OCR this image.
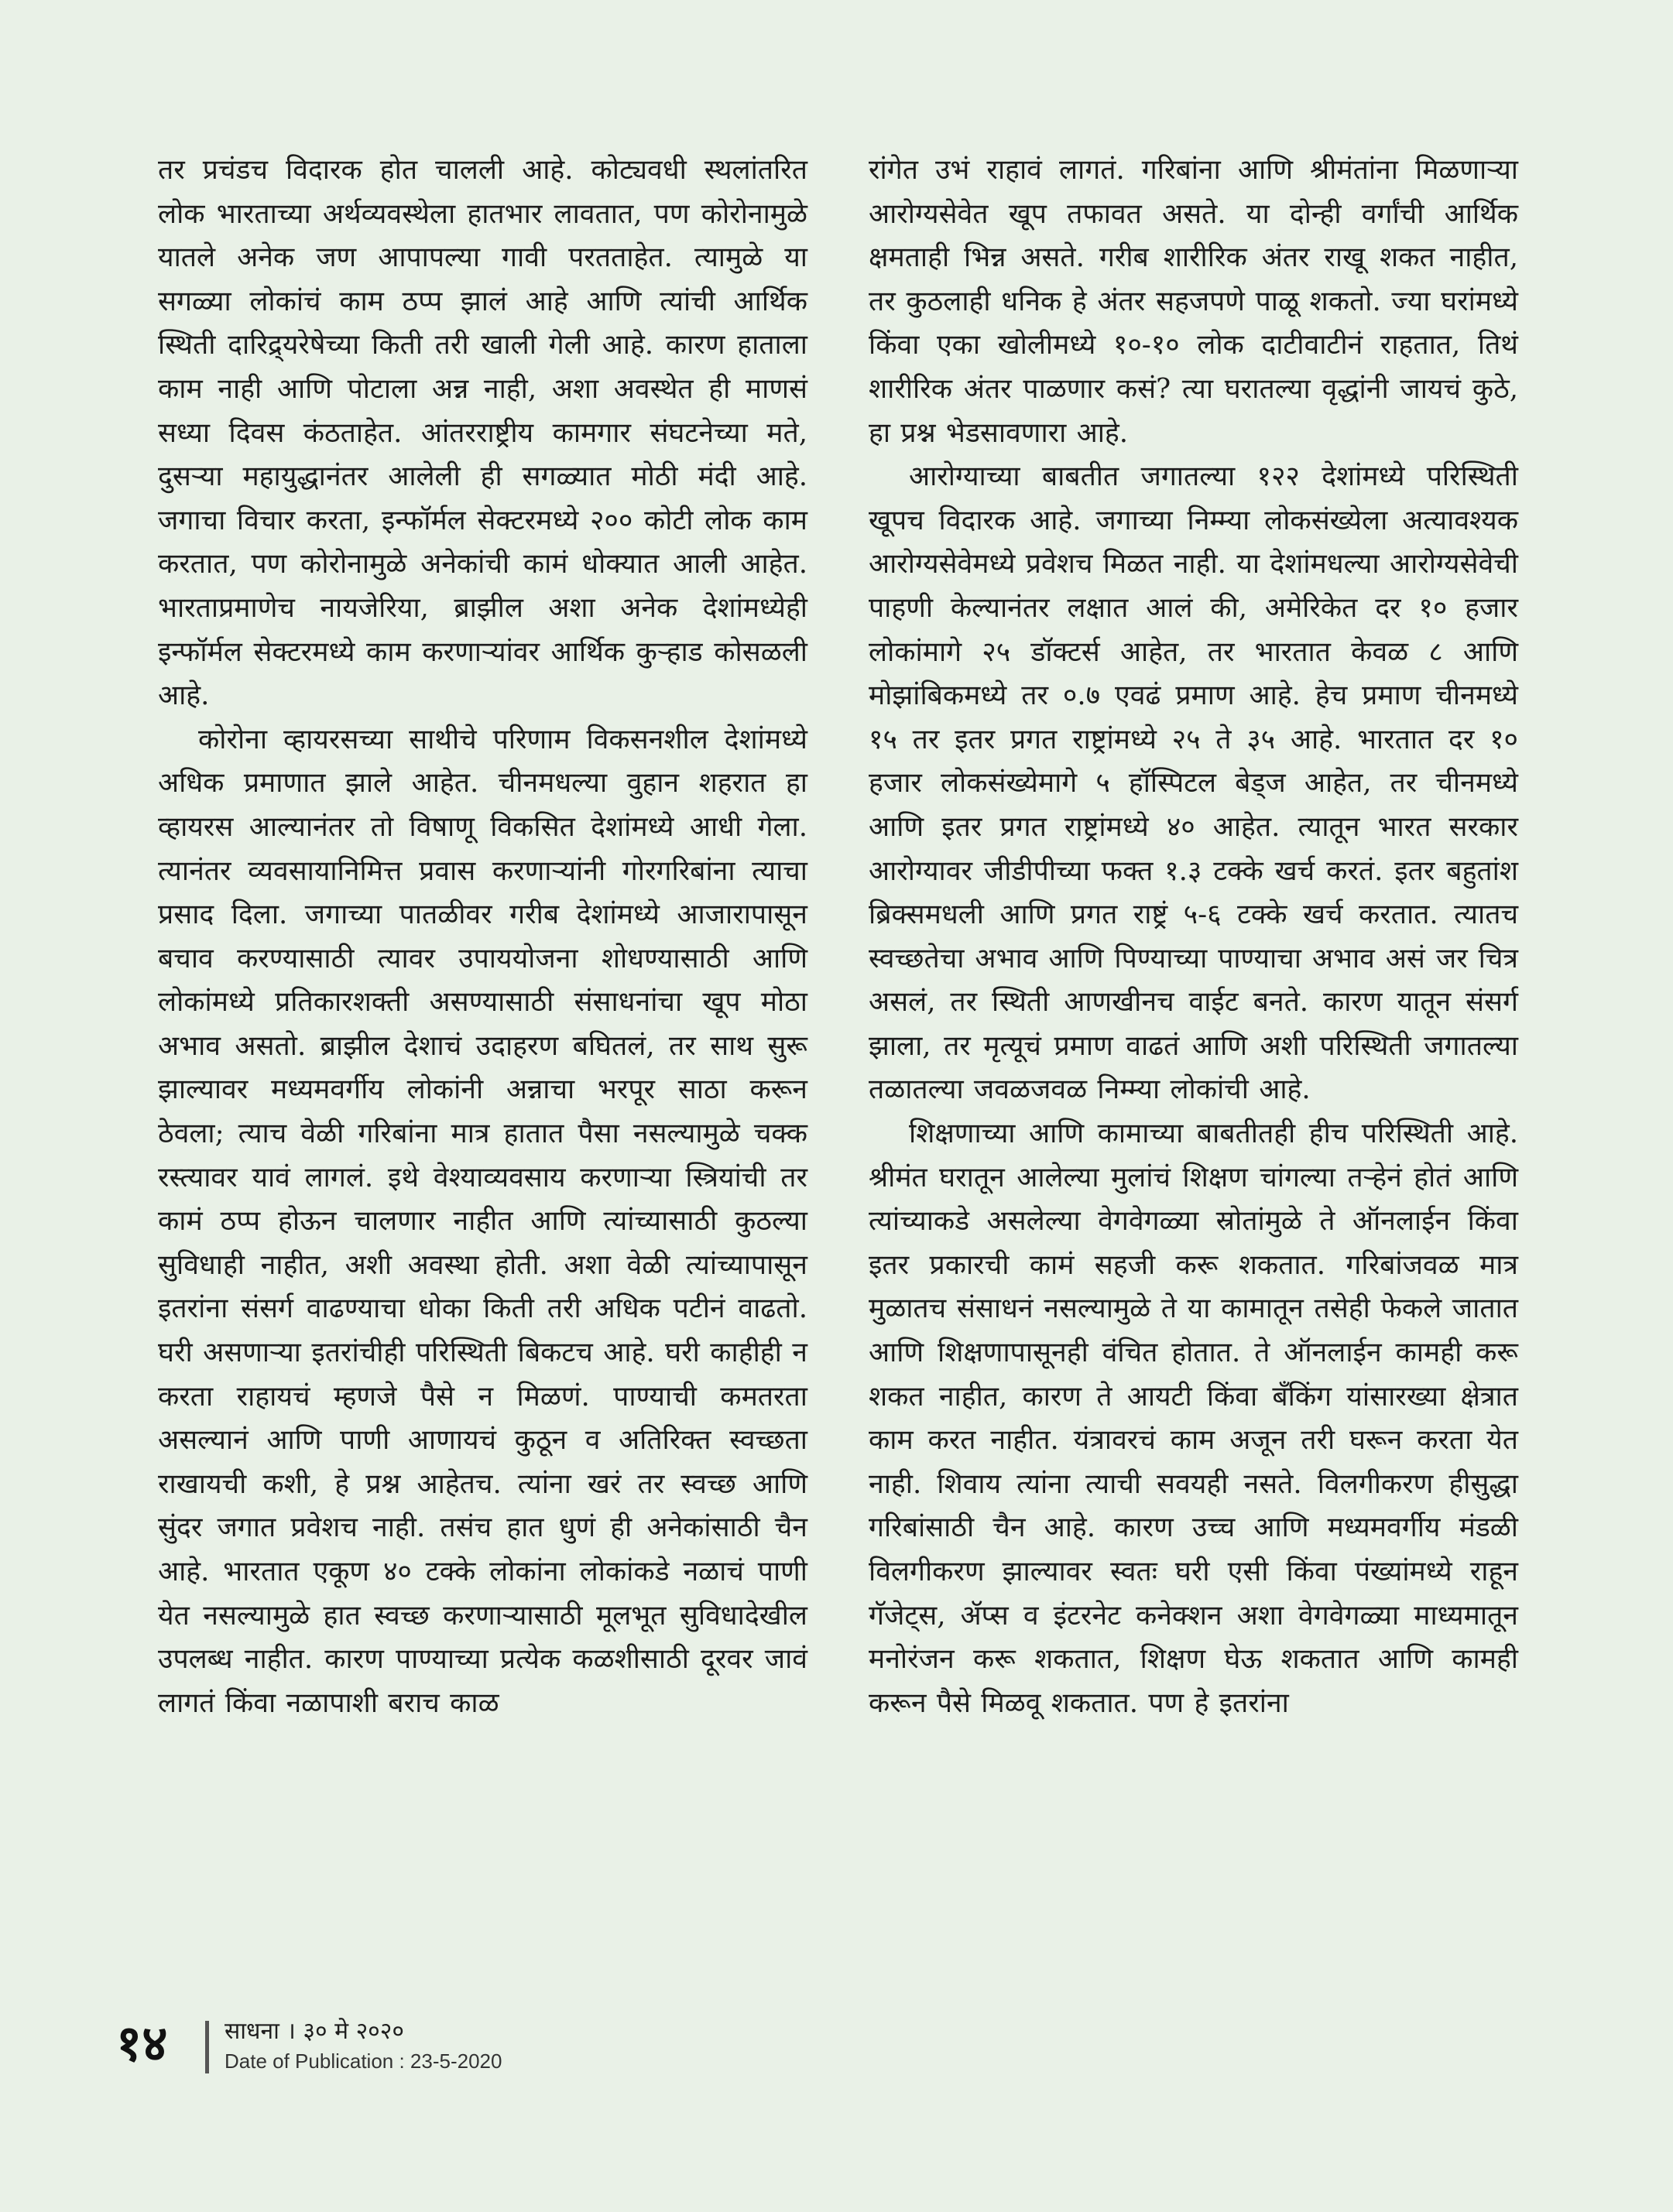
तर प्रचंडच विदारक होत चालली आहे. कोट्यवधी स्थलांतरित लोक भारताच्या अर्थव्यवस्थेला हातभार लावतात, पण कोरोनामुळे यातले अनेक जण आपापल्या गावी परतताहेत. त्यामुळे या सगळ्या लोकांचं काम ठप्प झालं आहे आणि त्यांची आर्थिक स्थिती दारिद्र्यरेषेच्या किती तरी खाली गेली आहे. कारण हाताला काम नाही आणि पोटाला अन्न नाही, अशा अवस्थेत ही माणसं सध्या दिवस कंठताहेत. आंतरराष्ट्रीय कामगार संघटनेच्या मते, दुसऱ्या महायुद्धानंतर आलेली ही सगळ्यात मोठी मंदी आहे. जगाचा विचार करता, इन्फॉर्मल सेक्टरमध्ये २०० कोटी लोक काम करतात, पण कोरोनामुळे अनेकांची कामं धोक्यात आली आहेत. भारताप्रमाणेच नायजेरिया, ब्राझील अशा अनेक देशांमध्येही इन्फॉर्मल सेक्टरमध्ये काम करणाऱ्यांवर आर्थिक कुऱ्हाड कोसळली आहे.

कोरोना व्हायरसच्या साथीचे परिणाम विकसनशील देशांमध्ये अधिक प्रमाणात झाले आहेत. चीनमधल्या वुहान शहरात हा व्हायरस आल्यानंतर तो विषाणू विकसित देशांमध्ये आधी गेला. त्यानंतर व्यवसायानिमित्त प्रवास करणाऱ्यांनी गोरगरिबांना त्याचा प्रसाद दिला. जगाच्या पातळीवर गरीब देशांमध्ये आजारापासून बचाव करण्यासाठी त्यावर उपाययोजना शोधण्यासाठी आणि लोकांमध्ये प्रतिकारशक्ती असण्यासाठी संसाधनांचा खूप मोठा अभाव असतो. ब्राझील देशाचं उदाहरण बघितलं, तर साथ सुरू झाल्यावर मध्यमवर्गीय लोकांनी अन्नाचा भरपूर साठा करून ठेवला; त्याच वेळी गरिबांना मात्र हातात पैसा नसल्यामुळे चक्क रस्त्यावर यावं लागलं. इथे वेश्याव्यवसाय करणाऱ्या स्त्रियांची तर कामं ठप्प होऊन चालणार नाहीत आणि त्यांच्यासाठी कुठल्या सुविधाही नाहीत, अशी अवस्था होती. अशा वेळी त्यांच्यापासून इतरांना संसर्ग वाढण्याचा धोका किती तरी अधिक पटीनं वाढतो. घरी असणाऱ्या इतरांचीही परिस्थिती बिकटच आहे. घरी काहीही न करता राहायचं म्हणजे पैसे न मिळणं. पाण्याची कमतरता असल्यानं आणि पाणी आणायचं कुठून व अतिरिक्त स्वच्छता राखायची कशी, हे प्रश्न आहेतच. त्यांना खरं तर स्वच्छ आणि सुंदर जगात प्रवेशच नाही. तसंच हात धुणं ही अनेकांसाठी चैन आहे. भारतात एकूण ४० टक्के लोकांना लोकांकडे नळाचं पाणी येत नसल्यामुळे हात स्वच्छ करणाऱ्यासाठी मूलभूत सुविधादेखील उपलब्ध नाहीत. कारण पाण्याच्या प्रत्येक कळशीसाठी दूरवर जावं लागतं किंवा नळापाशी बराच काळ

रांगेत उभं राहावं लागतं. गरिबांना आणि श्रीमंतांना मिळणाऱ्या आरोग्यसेवेत खूप तफावत असते. या दोन्ही वर्गांची आर्थिक क्षमताही भिन्न असते. गरीब शारीरिक अंतर राखू शकत नाहीत, तर कुठलाही धनिक हे अंतर सहजपणे पाळू शकतो. ज्या घरांमध्ये किंवा एका खोलीमध्ये १०-१० लोक दाटीवाटीनं राहतात, तिथं शारीरिक अंतर पाळणार कसं? त्या घरातल्या वृद्धांनी जायचं कुठे, हा प्रश्न भेडसावणारा आहे.

आरोग्याच्या बाबतीत जगातल्या १२२ देशांमध्ये परिस्थिती खूपच विदारक आहे. जगाच्या निम्म्या लोकसंख्येला अत्यावश्यक आरोग्यसेवेमध्ये प्रवेशच मिळत नाही. या देशांमधल्या आरोग्यसेवेची पाहणी केल्यानंतर लक्षात आलं की, अमेरिकेत दर १० हजार लोकांमागे २५ डॉक्टर्स आहेत, तर भारतात केवळ ८ आणि मोझांबिकमध्ये तर ०.७ एवढं प्रमाण आहे. हेच प्रमाण चीनमध्ये १५ तर इतर प्रगत राष्ट्रांमध्ये २५ ते ३५ आहे. भारतात दर १० हजार लोकसंख्येमागे ५ हॉस्पिटल बेड्ज आहेत, तर चीनमध्ये आणि इतर प्रगत राष्ट्रांमध्ये ४० आहेत. त्यातून भारत सरकार आरोग्यावर जीडीपीच्या फक्त १.३ टक्के खर्च करतं. इतर बहुतांश ब्रिक्समधली आणि प्रगत राष्ट्रं ५-६ टक्के खर्च करतात. त्यातच स्वच्छतेचा अभाव आणि पिण्याच्या पाण्याचा अभाव असं जर चित्र असलं, तर स्थिती आणखीनच वाईट बनते. कारण यातून संसर्ग झाला, तर मृत्यूचं प्रमाण वाढतं आणि अशी परिस्थिती जगातल्या तळातल्या जवळजवळ निम्म्या लोकांची आहे.

शिक्षणाच्या आणि कामाच्या बाबतीतही हीच परिस्थिती आहे. श्रीमंत घरातून आलेल्या मुलांचं शिक्षण चांगल्या तऱ्हेनं होतं आणि त्यांच्याकडे असलेल्या वेगवेगळ्या स्रोतांमुळे ते ऑनलाईन किंवा इतर प्रकारची कामं सहजी करू शकतात. गरिबांजवळ मात्र मुळातच संसाधनं नसल्यामुळे ते या कामातून तसेही फेकले जातात आणि शिक्षणापासूनही वंचित होतात. ते ऑनलाईन कामही करू शकत नाहीत, कारण ते आयटी किंवा बँकिंग यांसारख्या क्षेत्रात काम करत नाहीत. यंत्रावरचं काम अजून तरी घरून करता येत नाही. शिवाय त्यांना त्याची सवयही नसते. विलगीकरण हीसुद्धा गरिबांसाठी चैन आहे. कारण उच्च आणि मध्यमवर्गीय मंडळी विलगीकरण झाल्यावर स्वतः घरी एसी किंवा पंख्यांमध्ये राहून गॅजेट्स, ॲप्स व इंटरनेट कनेक्शन अशा वेगवेगळ्या माध्यमातून मनोरंजन करू शकतात, शिक्षण घेऊ शकतात आणि कामही करून पैसे मिळवू शकतात. पण हे इतरांना

१४ साधना । ३० मे २०२०
Date of Publication : 23-5-2020
